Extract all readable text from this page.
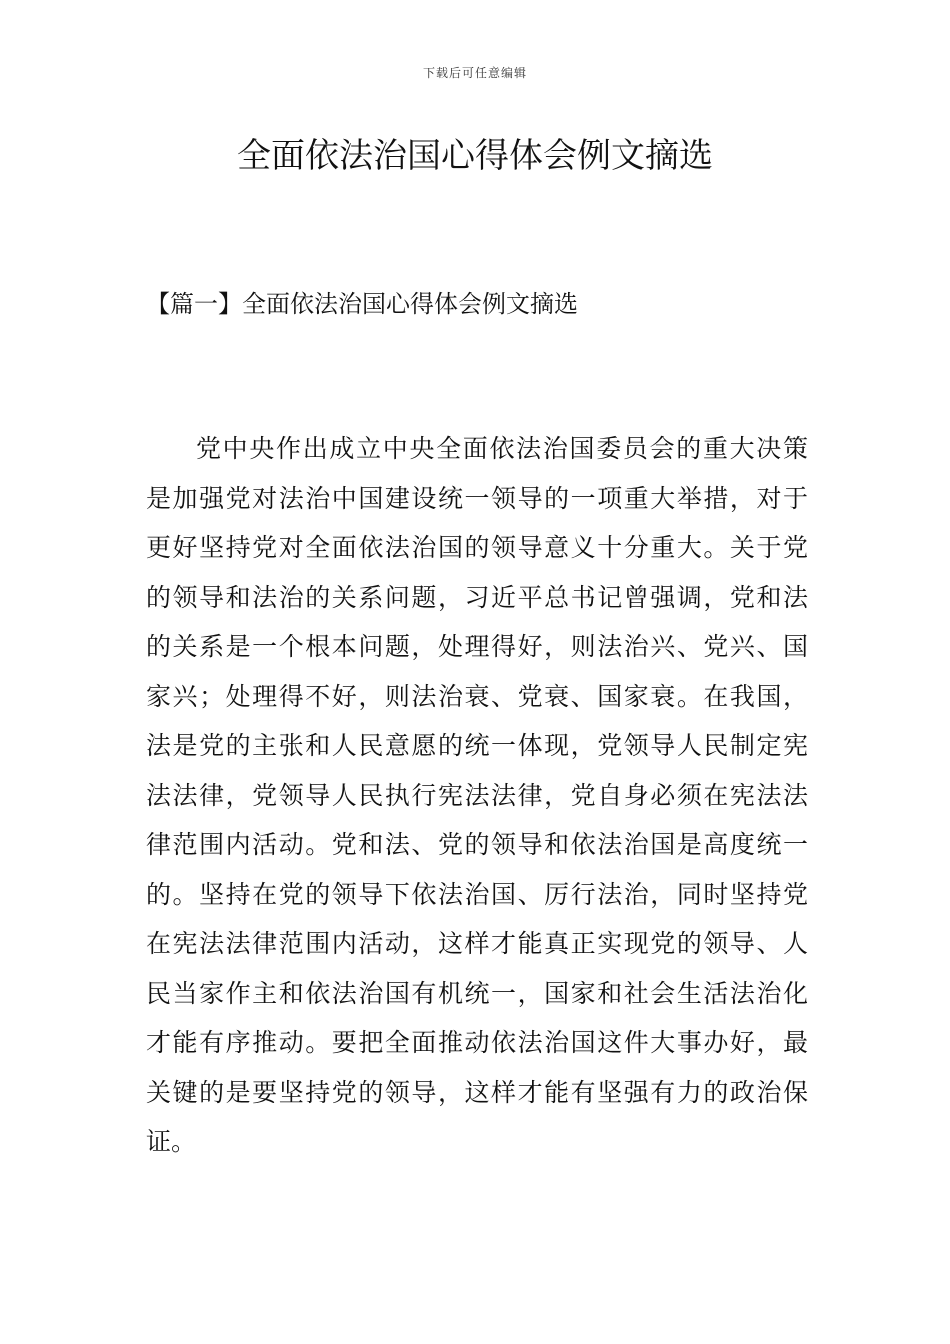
下载后可任意编辑
全面依法治国心得体会例文摘选
【篇一】全面依法治国心得体会例文摘选
党中央作出成立中央全面依法治国委员会的重大决策
是加强党对法治中国建设统一领导的一项重大举措，对于
更好坚持党对全面依法治国的领导意义十分重大。关于党
的领导和法治的关系问题，习近平总书记曾强调，党和法
的关系是一个根本问题，处理得好，则法治兴、党兴、国
家兴；处理得不好，则法治衰、党衰、国家衰。在我国，
法是党的主张和人民意愿的统一体现，党领导人民制定宪
法法律，党领导人民执行宪法法律，党自身必须在宪法法
律范围内活动。党和法、党的领导和依法治国是高度统一
的。坚持在党的领导下依法治国、厉行法治，同时坚持党
在宪法法律范围内活动，这样才能真正实现党的领导、人
民当家作主和依法治国有机统一，国家和社会生活法治化
才能有序推动。要把全面推动依法治国这件大事办好，最
关键的是要坚持党的领导，这样才能有坚强有力的政治保
证。
